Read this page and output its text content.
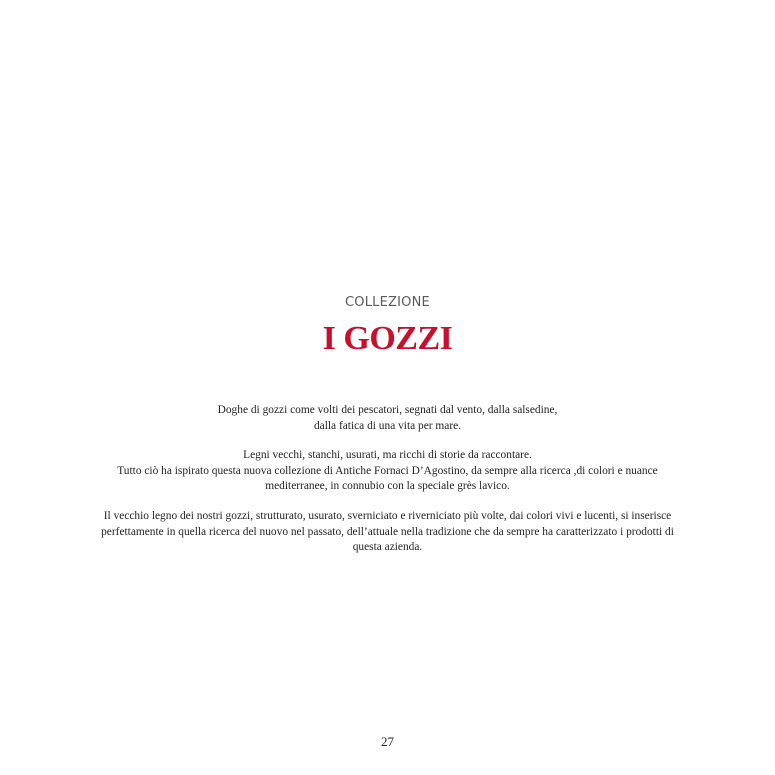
COLLEZIONE
I GOZZI
Doghe di gozzi come volti dei pescatori, segnati dal vento, dalla salsedine,
dalla fatica di una vita per mare.
Legni vecchi, stanchi, usurati, ma ricchi di storie da raccontare.
Tutto ciò ha ispirato questa nuova collezione di Antiche Fornaci D’Agostino, da sempre alla ricerca ,di colori e nuance
mediterranee, in connubio con la speciale grès lavico.
Il vecchio legno dei nostri gozzi, strutturato, usurato, sverniciato e riverniciato più volte, dai colori vivi e lucenti, si inserisce
perfettamente in quella ricerca del nuovo nel passato, dell’attuale nella tradizione che da sempre ha caratterizzato i prodotti di
questa azienda.
27
